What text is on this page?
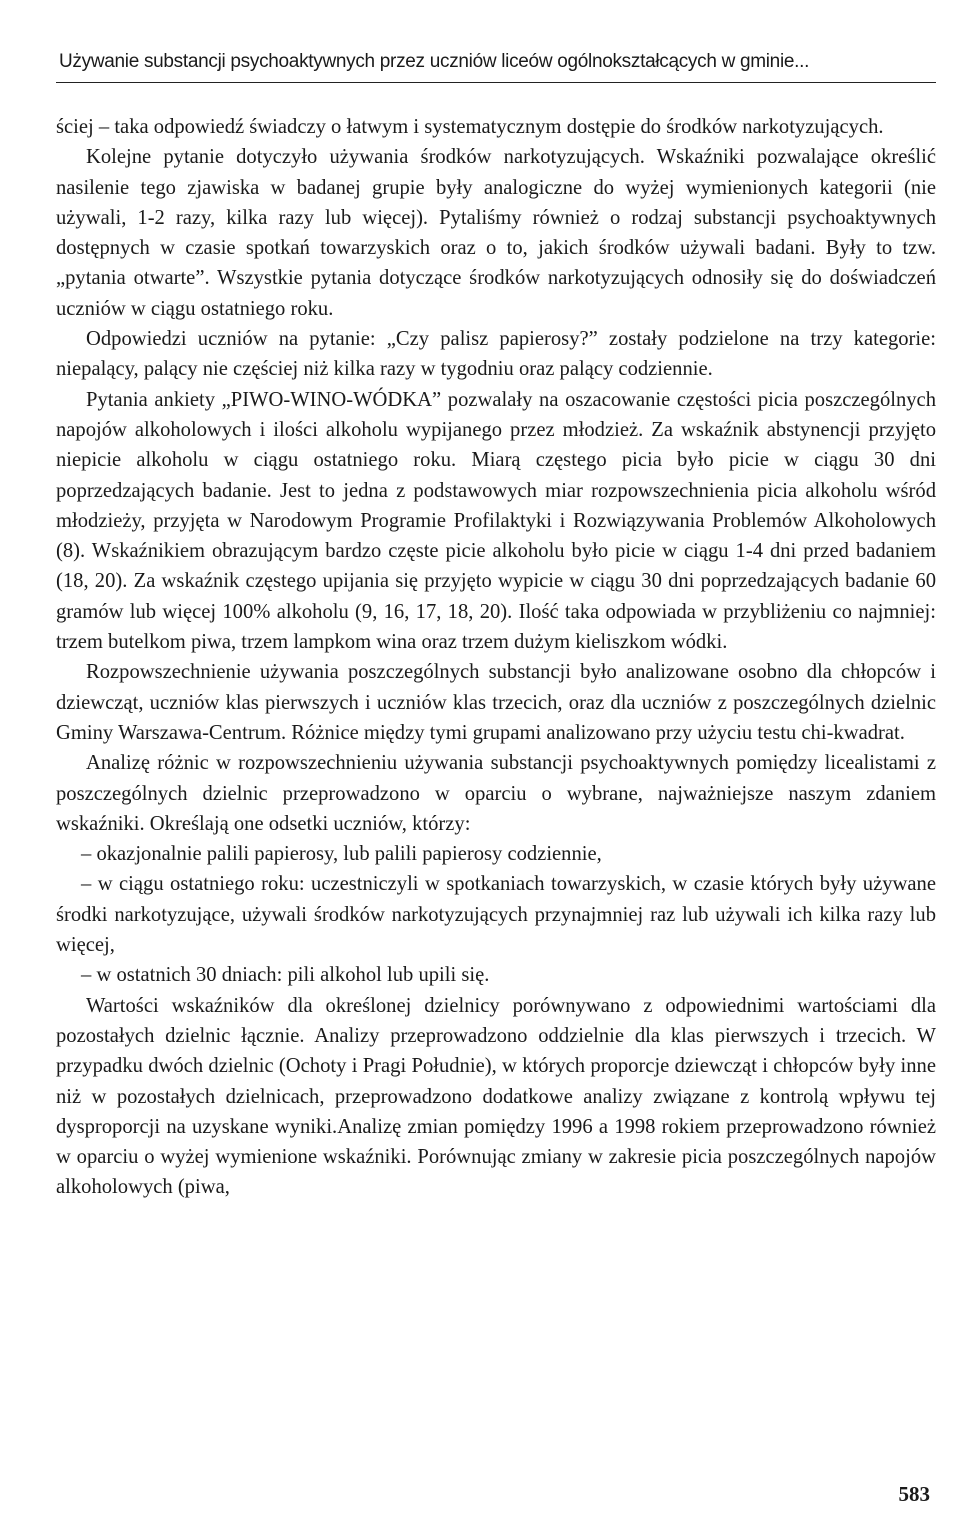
Używanie substancji psychoaktywnych przez uczniów liceów ogólnokształcących w gminie...

ściej – taka odpowiedź świadczy o łatwym i systematycznym dostępie do środków narkotyzujących.

Kolejne pytanie dotyczyło używania środków narkotyzujących. Wskaźniki pozwalające określić nasilenie tego zjawiska w badanej grupie były analogiczne do wyżej wymienionych kategorii (nie używali, 1-2 razy, kilka razy lub więcej). Pytaliśmy również o rodzaj substancji psychoaktywnych dostępnych w czasie spotkań towarzyskich oraz o to, jakich środków używali badani. Były to tzw. „pytania otwarte”. Wszystkie pytania dotyczące środków narkotyzujących odnosiły się do doświadczeń uczniów w ciągu ostatniego roku.

Odpowiedzi uczniów na pytanie: „Czy palisz papierosy?” zostały podzielone na trzy kategorie: niepalący, palący nie częściej niż kilka razy w tygodniu oraz palący codziennie.

Pytania ankiety „PIWO-WINO-WÓDKA” pozwalały na oszacowanie częstości picia poszczególnych napojów alkoholowych i ilości alkoholu wypijanego przez młodzież. Za wskaźnik abstynencji przyjęto niepicie alkoholu w ciągu ostatniego roku. Miarą częstego picia było picie w ciągu 30 dni poprzedzających badanie. Jest to jedna z podstawowych miar rozpowszechnienia picia alkoholu wśród młodzieży, przyjęta w Narodowym Programie Profilaktyki i Rozwiązywania Problemów Alkoholowych (8). Wskaźnikiem obrazującym bardzo częste picie alkoholu było picie w ciągu 1-4 dni przed badaniem (18, 20). Za wskaźnik częstego upijania się przyjęto wypicie w ciągu 30 dni poprzedzających badanie 60 gramów lub więcej 100% alkoholu (9, 16, 17, 18, 20). Ilość taka odpowiada w przybliżeniu co najmniej: trzem butelkom piwa, trzem lampkom wina oraz trzem dużym kieliszkom wódki.

Rozpowszechnienie używania poszczególnych substancji było analizowane osobno dla chłopców i dziewcząt, uczniów klas pierwszych i uczniów klas trzecich, oraz dla uczniów z poszczególnych dzielnic Gminy Warszawa-Centrum. Różnice między tymi grupami analizowano przy użyciu testu chi-kwadrat.

Analizę różnic w rozpowszechnieniu używania substancji psychoaktywnych pomiędzy licealistami z poszczególnych dzielnic przeprowadzono w oparciu o wybrane, najważniejsze naszym zdaniem wskaźniki. Określają one odsetki uczniów, którzy:

– okazjonalnie palili papierosy, lub palili papierosy codziennie,

– w ciągu ostatniego roku: uczestniczyli w spotkaniach towarzyskich, w czasie których były używane środki narkotyzujące, używali środków narkotyzujących przynajmniej raz lub używali ich kilka razy lub więcej,

– w ostatnich 30 dniach: pili alkohol lub upili się.

Wartości wskaźników dla określonej dzielnicy porównywano z odpowiednimi wartościami dla pozostałych dzielnic łącznie. Analizy przeprowadzono oddzielnie dla klas pierwszych i trzecich. W przypadku dwóch dzielnic (Ochoty i Pragi Południe), w których proporcje dziewcząt i chłopców były inne niż w pozostałych dzielnicach, przeprowadzono dodatkowe analizy związane z kontrolą wpływu tej dysproporcji na uzyskane wyniki.Analizę zmian pomiędzy 1996 a 1998 rokiem przeprowadzono również w oparciu o wyżej wymienione wskaźniki. Porównując zmiany w zakresie picia poszczególnych napojów alkoholowych (piwa,

583
